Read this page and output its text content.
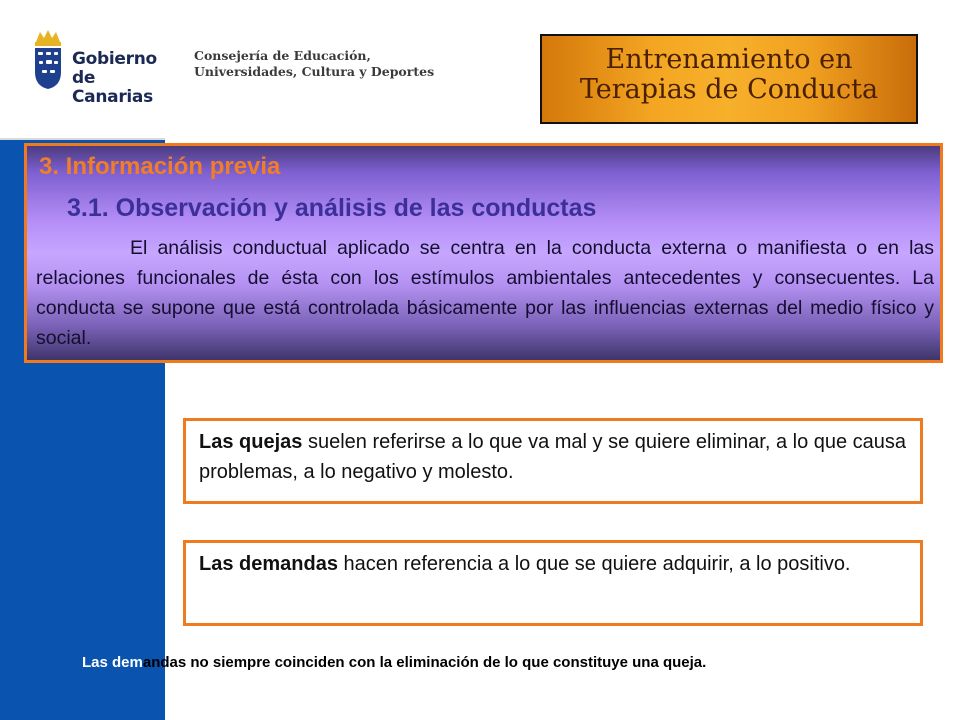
Gobierno
de Canarias
Consejería de Educación,
Universidades, Cultura y Deportes	Entrenamiento en
Terapias de Conducta
3. Información previa
3.1. Observación y análisis de las conductas
El análisis conductual aplicado se centra en la conducta externa o manifiesta o en las relaciones funcionales de ésta con los estímulos ambientales antecedentes y consecuentes. La conducta se supone que está controlada básicamente por las influencias externas del medio físico y social.
Las quejas suelen referirse a lo que va mal y se quiere eliminar, a lo que causa problemas, a lo negativo y molesto.
Las demandas hacen referencia a lo que se quiere adquirir, a lo positivo.
Las demandas no siempre coinciden con la eliminación de lo que constituye una queja.
